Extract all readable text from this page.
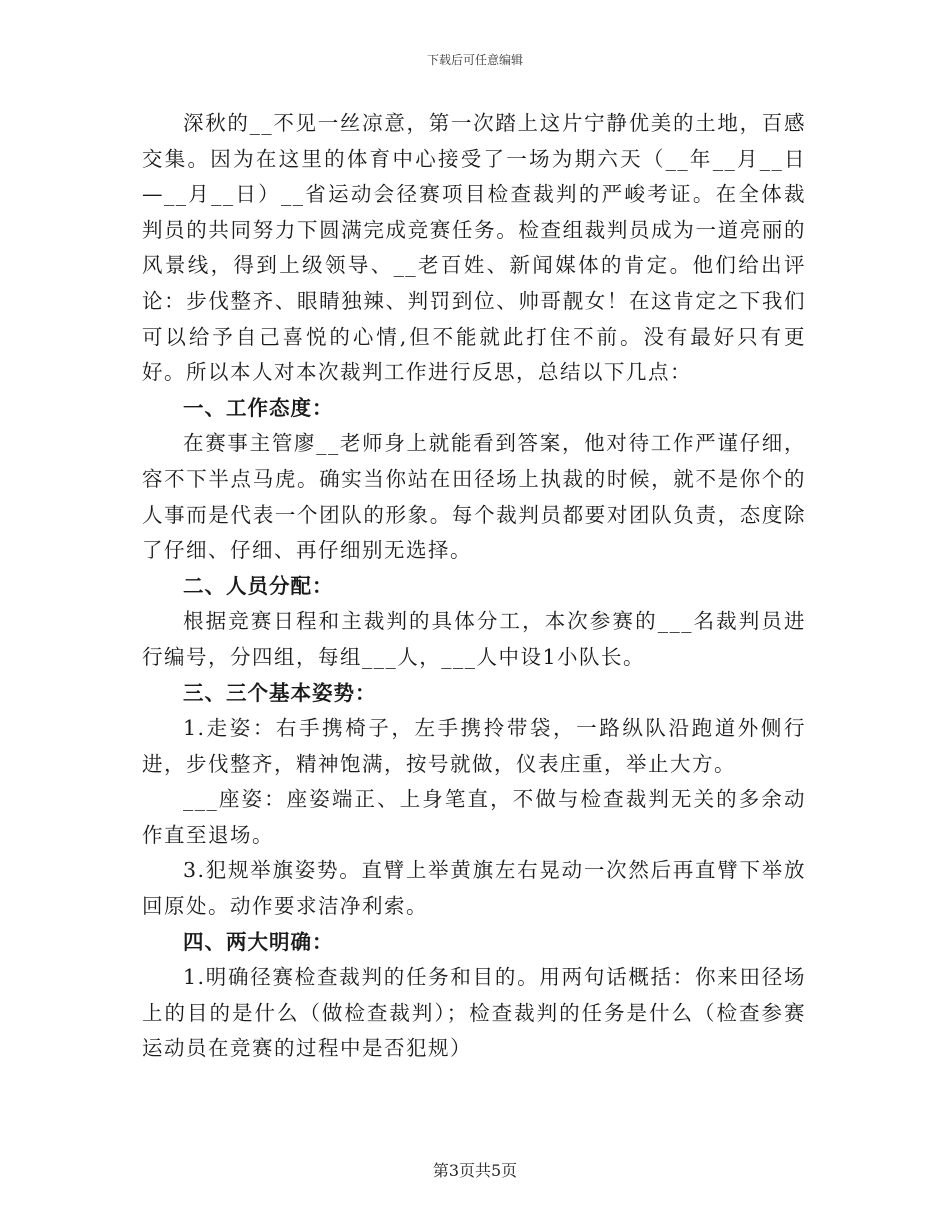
下载后可任意编辑

深秋的__不见一丝凉意，第一次踏上这片宁静优美的土地，百感交集。因为在这里的体育中心接受了一场为期六天（__年__月__日—__月__日）__省运动会径赛项目检查裁判的严峻考证。在全体裁判员的共同努力下圆满完成竞赛任务。检查组裁判员成为一道亮丽的风景线，得到上级领导、__老百姓、新闻媒体的肯定。他们给出评论：步伐整齐、眼睛独辣、判罚到位、帅哥靓女！在这肯定之下我们可以给予自己喜悦的心情,但不能就此打住不前。没有最好只有更好。所以本人对本次裁判工作进行反思，总结以下几点：

一、工作态度：

在赛事主管廖__老师身上就能看到答案，他对待工作严谨仔细，容不下半点马虎。确实当你站在田径场上执裁的时候，就不是你个的人事而是代表一个团队的形象。每个裁判员都要对团队负责，态度除了仔细、仔细、再仔细别无选择。

二、人员分配：

根据竞赛日程和主裁判的具体分工，本次参赛的___名裁判员进行编号，分四组，每组___人，___人中设1小队长。

三、三个基本姿势：

1.走姿：右手携椅子，左手携拎带袋，一路纵队沿跑道外侧行进，步伐整齐，精神饱满，按号就做，仪表庄重，举止大方。

___座姿：座姿端正、上身笔直，不做与检查裁判无关的多余动作直至退场。

3.犯规举旗姿势。直臂上举黄旗左右晃动一次然后再直臂下举放回原处。动作要求洁净利索。

四、两大明确：

1.明确径赛检查裁判的任务和目的。用两句话概括：你来田径场上的目的是什么（做检查裁判）；检查裁判的任务是什么（检查参赛运动员在竞赛的过程中是否犯规）

第3页共5页
